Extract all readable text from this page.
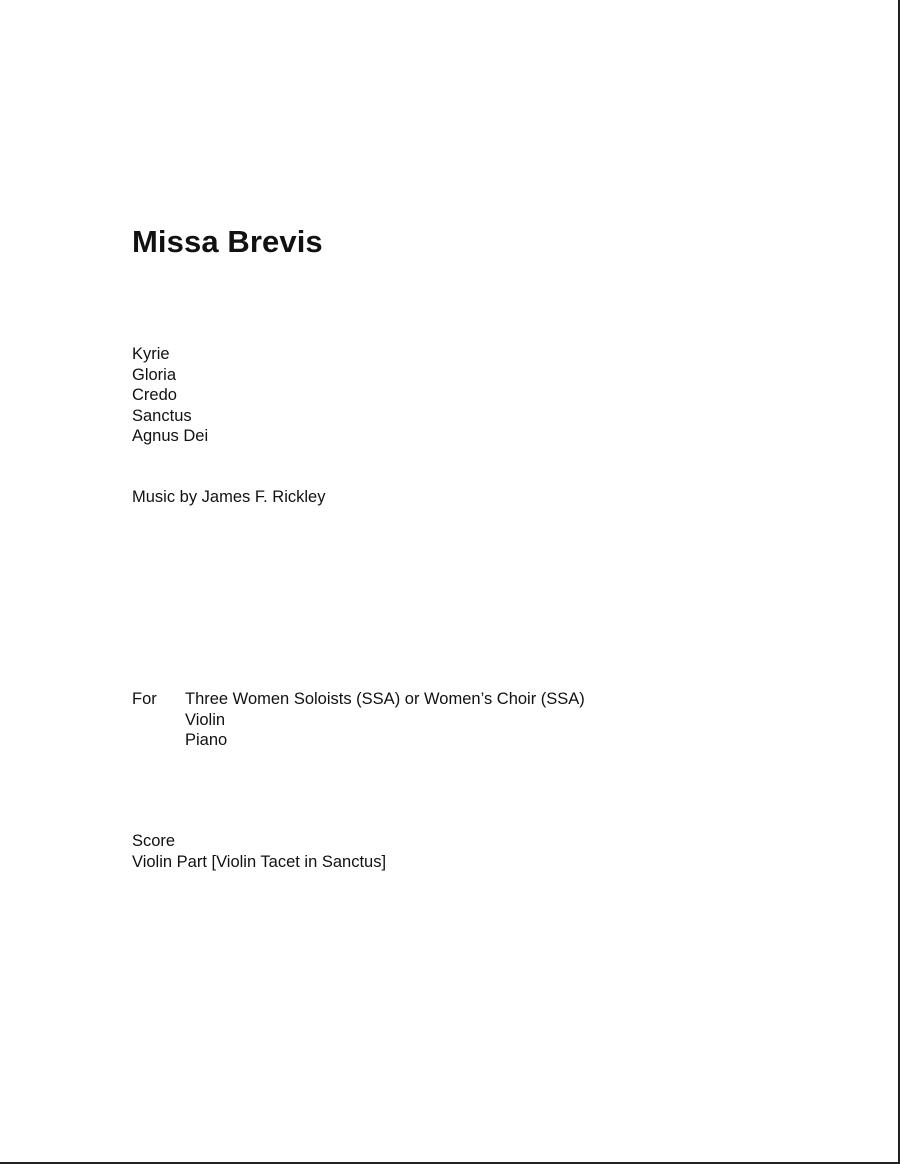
Missa Brevis
Kyrie
Gloria
Credo
Sanctus
Agnus Dei
Music by James F. Rickley
For	Three Women Soloists (SSA) or Women’s Choir (SSA)
Violin
Piano
Score
Violin Part [Violin Tacet in Sanctus]
